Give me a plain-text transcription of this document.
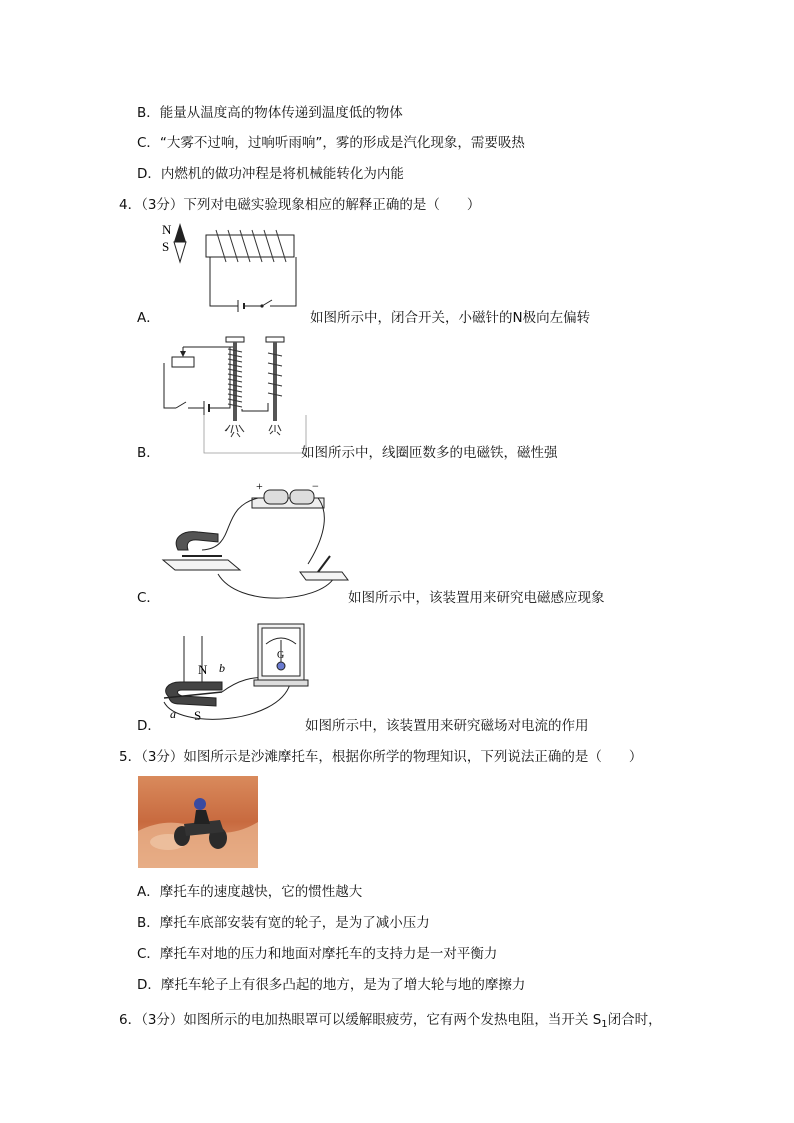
B．能量从温度高的物体传递到温度低的物体
C．“大雾不过响，过响听雨响”，雾的形成是汽化现象，需要吸热
D．内燃机的做功冲程是将机械能转化为内能
4．（3分）下列对电磁实验现象相应的解释正确的是（　　）
N
S
A．	如图所示中，闭合开关，小磁针的N极向左偏转
B．	如图所示中，线圈匝数多的电磁铁，磁性强
+	−
C．	如图所示中，该装置用来研究电磁感应现象
N b
a S
G
D．	如图所示中，该装置用来研究磁场对电流的作用
5．（3分）如图所示是沙滩摩托车，根据你所学的物理知识，下列说法正确的是（　　）
A．摩托车的速度越快，它的惯性越大
B．摩托车底部安装有宽的轮子，是为了减小压力
C．摩托车对地的压力和地面对摩托车的支持力是一对平衡力
D．摩托车轮子上有很多凸起的地方，是为了增大轮与地的摩擦力
6．（3分）如图所示的电加热眼罩可以缓解眼疲劳，它有两个发热电阻，当开关 $S_1$闭合时，
